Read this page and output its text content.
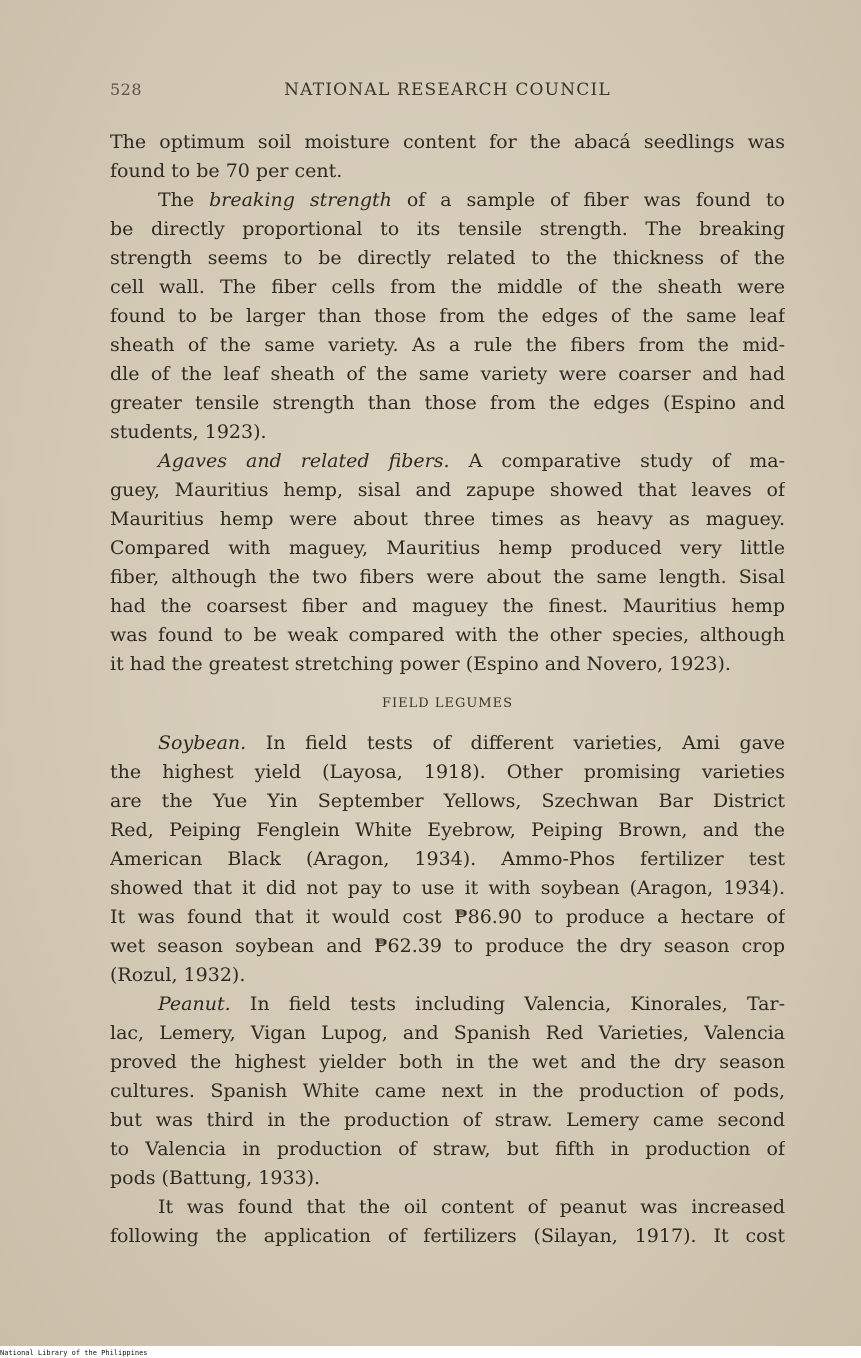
528	NATIONAL RESEARCH COUNCIL
The optimum soil moisture content for the abacá seedlings was
found to be 70 per cent.
The breaking strength of a sample of fiber was found to
be directly proportional to its tensile strength. The breaking
strength seems to be directly related to the thickness of the
cell wall. The fiber cells from the middle of the sheath were
found to be larger than those from the edges of the same leaf
sheath of the same variety. As a rule the fibers from the mid-
dle of the leaf sheath of the same variety were coarser and had
greater tensile strength than those from the edges (Espino and
students, 1923).
Agaves and related fibers. A comparative study of ma-
guey, Mauritius hemp, sisal and zapupe showed that leaves of
Mauritius hemp were about three times as heavy as maguey.
Compared with maguey, Mauritius hemp produced very little
fiber, although the two fibers were about the same length. Sisal
had the coarsest fiber and maguey the finest. Mauritius hemp
was found to be weak compared with the other species, although
it had the greatest stretching power (Espino and Novero, 1923).
FIELD LEGUMES
Soybean. In field tests of different varieties, Ami gave
the highest yield (Layosa, 1918). Other promising varieties
are the Yue Yin September Yellows, Szechwan Bar District
Red, Peiping Fenglein White Eyebrow, Peiping Brown, and the
American Black (Aragon, 1934). Ammo-Phos fertilizer test
showed that it did not pay to use it with soybean (Aragon, 1934).
It was found that it would cost ₱86.90 to produce a hectare of
wet season soybean and ₱62.39 to produce the dry season crop
(Rozul, 1932).
Peanut. In field tests including Valencia, Kinorales, Tar-
lac, Lemery, Vigan Lupog, and Spanish Red Varieties, Valencia
proved the highest yielder both in the wet and the dry season
cultures. Spanish White came next in the production of pods,
but was third in the production of straw. Lemery came second
to Valencia in production of straw, but fifth in production of
pods (Battung, 1933).
It was found that the oil content of peanut was increased
following the application of fertilizers (Silayan, 1917). It cost
National Library of the Philippines
